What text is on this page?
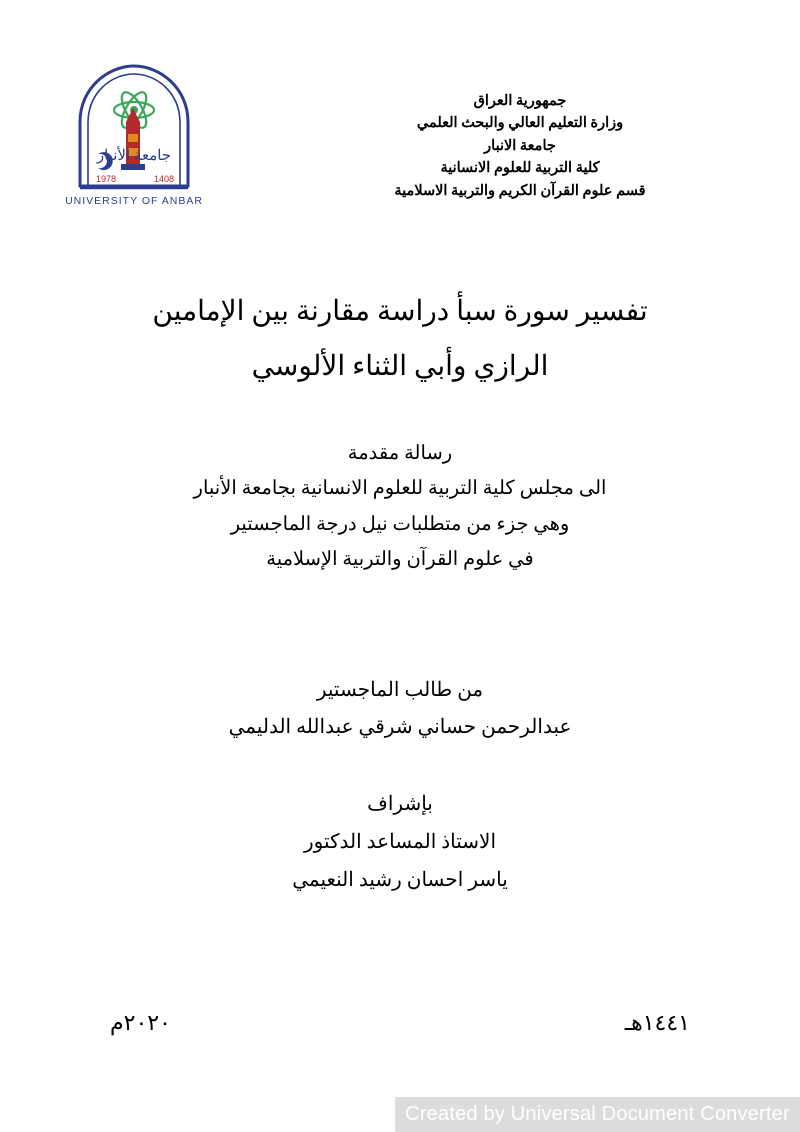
جامعة الأنبار
1978	1408
UNIVERSITY OF ANBAR
جمهورية العراق
وزارة التعليم العالي والبحث العلمي
جامعة الانبار
كلية التربية للعلوم الانسانية
قسم علوم القرآن الكريم والتربية الاسلامية
تفسير سورة سبأ دراسة مقارنة بين الإمامين
الرازي وأبي الثناء الألوسي
رسالة مقدمة
الى مجلس كلية التربية للعلوم الانسانية بجامعة الأنبار
وهي جزء من متطلبات نيل درجة الماجستير
في علوم القرآن والتربية الإسلامية
من طالب الماجستير
عبدالرحمن حساني شرقي عبدالله الدليمي
بإشراف
الاستاذ المساعد الدكتور
ياسر احسان رشيد النعيمي
١٤٤١هـ
٢٠٢٠م
Created by Universal Document Converter
